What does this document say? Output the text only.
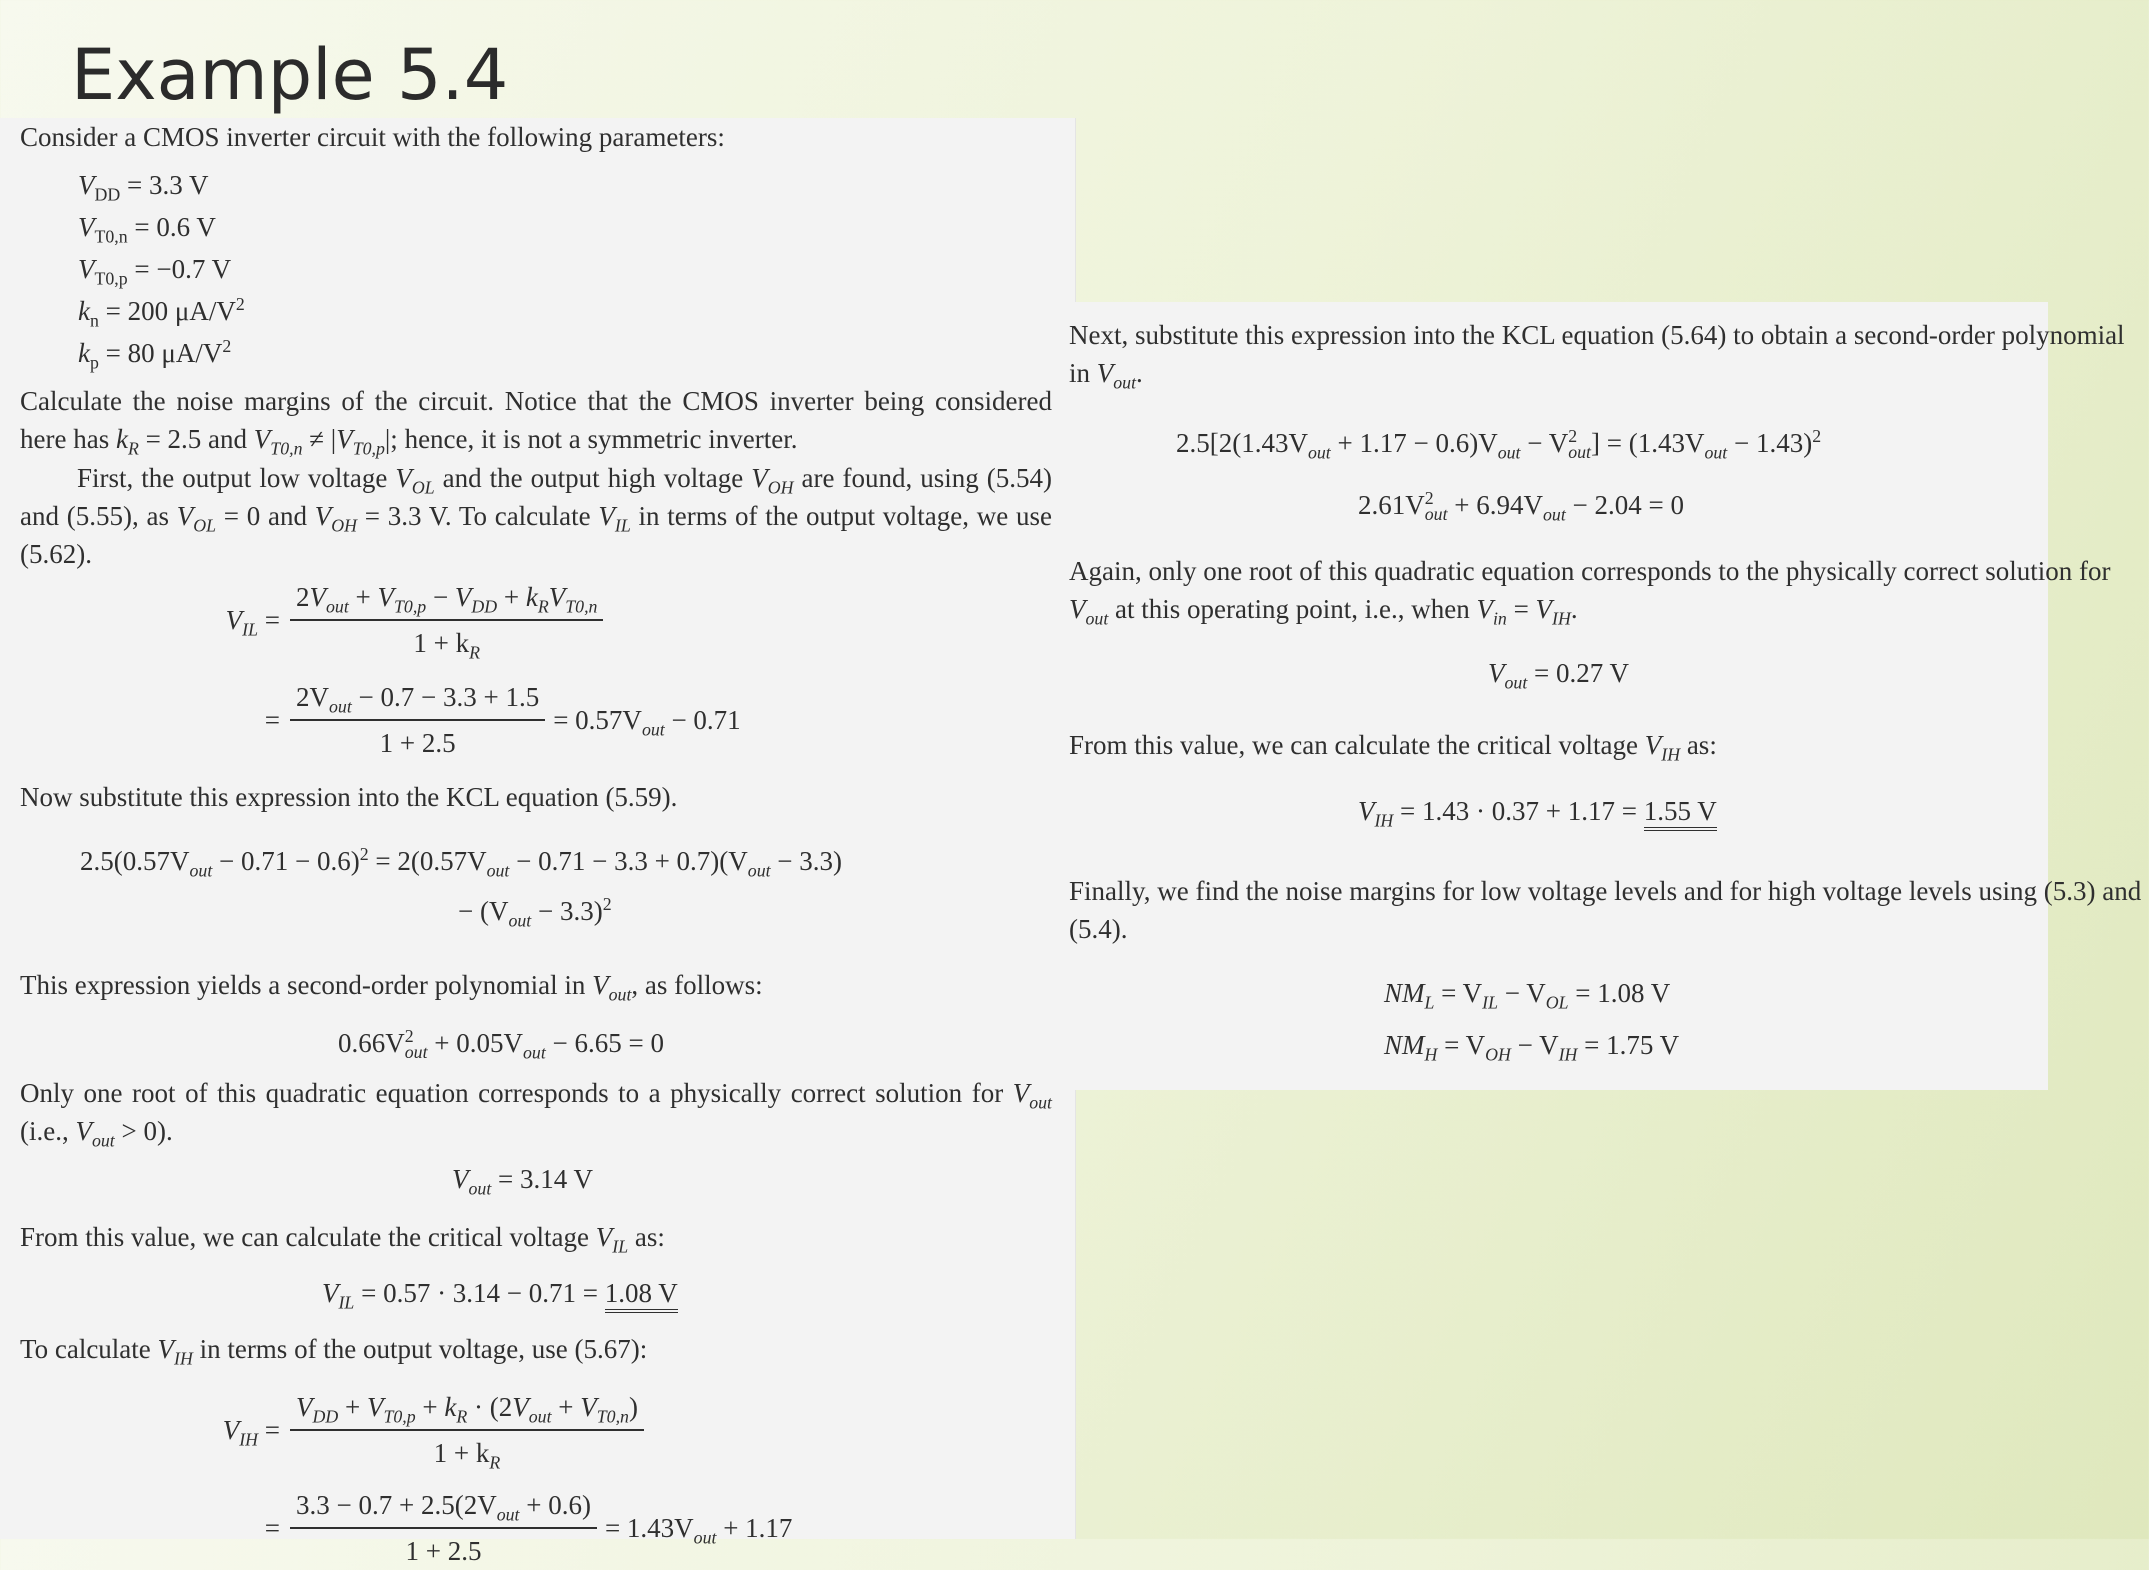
Example 5.4
Consider a CMOS inverter circuit with the following parameters:
$V_{DD} = 3.3$ V
$V_{T0,n} = 0.6$ V
$V_{T0,p} = -0.7$ V
$k_n = 200$ $\mu A/V^2$
$k_p = 80$ $\mu A/V^2$
Calculate the noise margins of the circuit. Notice that the CMOS inverter being considered here has $k_R = 2.5$ and $V_{T0,n} \ne |V_{T0,p}|$; hence, it is not a symmetric inverter.
First, the output low voltage $V_{OL}$ and the output high voltage $V_{OH}$ are found, using (5.54) and (5.55), as $V_{OL} = 0$ and $V_{OH} = 3.3$ V. To calculate $V_{IL}$ in terms of the output voltage, we use (5.62).
$V_{IL} = \frac{2V_{out} + V_{T0,p} - V_{DD} + k_RV_{T0,n}}{1 + k_R}$
= $\frac{2V_{out} - 0.7 - 3.3 + 1.5}{1 + 2.5} = 0.57V_{out} - 0.71$
Now substitute this expression into the KCL equation (5.59).
$2.5(0.57V_{out} - 0.71 - 0.6)^2 = 2(0.57V_{out} - 0.71 - 3.3 + 0.7)(V_{out} - 3.3)$
− $(V_{out} - 3.3)^2$
This expression yields a second-order polynomial in $V_{out}$, as follows:
$0.66V^2_{out} + 0.05V_{out} - 6.65 = 0$
Only one root of this quadratic equation corresponds to a physically correct solution for $V_{out}$ (i.e., $V_{out} > 0$).
$V_{out} = 3.14$ V
From this value, we can calculate the critical voltage $V_{IL}$ as:
$V_{IL} = 0.57 \cdot 3.14 - 0.71 = 1.08$ V
To calculate $V_{IH}$ in terms of the output voltage, use (5.67):
$V_{IH} = \frac{V_{DD} + V_{T0,p} + k_R \cdot (2V_{out} + V_{T0,n})}{1 + k_R}$
= $\frac{3.3 - 0.7 + 2.5(2V_{out} + 0.6)}{1 + 2.5} = 1.43V_{out} + 1.17$
Next, substitute this expression into the KCL equation (5.64) to obtain a second-order polynomial in $V_{out}$.
$2.5[2(1.43V_{out} + 1.17 - 0.6)V_{out} - V^2_{out}] = (1.43V_{out} - 1.43)^2$
$2.61V^2_{out} + 6.94V_{out} - 2.04 = 0$
Again, only one root of this quadratic equation corresponds to the physically correct solution for $V_{out}$ at this operating point, i.e., when $V_{in} = V_{IH}$.
$V_{out} = 0.27$ V
From this value, we can calculate the critical voltage $V_{IH}$ as:
$V_{IH} = 1.43 \cdot 0.37 + 1.17 = 1.55$ V
Finally, we find the noise margins for low voltage levels and for high voltage levels using (5.3) and (5.4).
$NM_L = V_{IL} - V_{OL} = 1.08$ V
$NM_H = V_{OH} - V_{IH} = 1.75$ V
